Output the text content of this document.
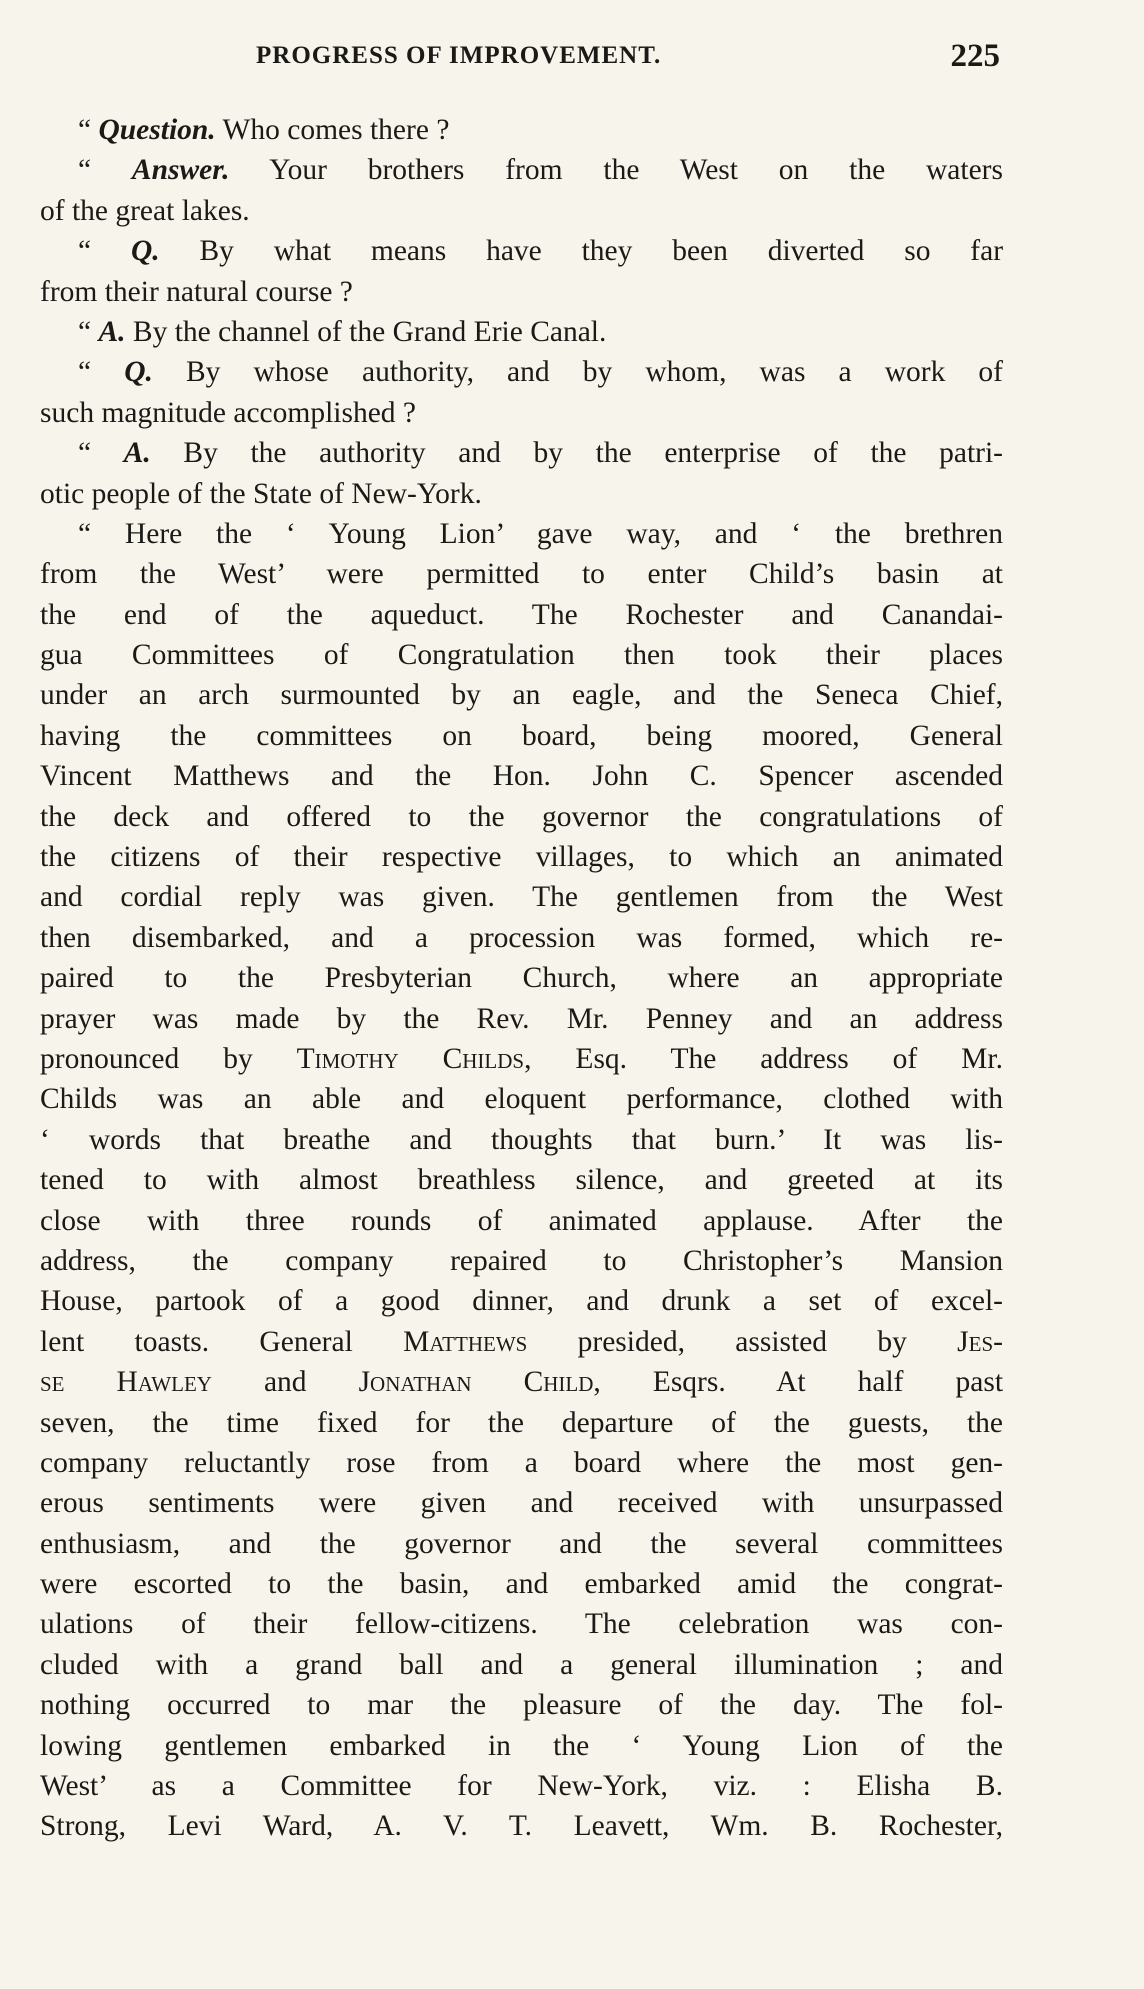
PROGRESS OF IMPROVEMENT.	225
“ Question. Who comes there ?
“ Answer. Your brothers from the West on the waters
of the great lakes.
“ Q. By what means have they been diverted so far
from their natural course ?
“ A. By the channel of the Grand Erie Canal.
“ Q. By whose authority, and by whom, was a work of
such magnitude accomplished ?
“ A. By the authority and by the enterprise of the patri-
otic people of the State of New-York.
“ Here the ‘ Young Lion’ gave way, and ‘ the brethren
from the West’ were permitted to enter Child’s basin at
the end of the aqueduct. The Rochester and Canandai-
gua Committees of Congratulation then took their places
under an arch surmounted by an eagle, and the Seneca Chief,
having the committees on board, being moored, General
Vincent Matthews and the Hon. John C. Spencer ascended
the deck and offered to the governor the congratulations of
the citizens of their respective villages, to which an animated
and cordial reply was given. The gentlemen from the West
then disembarked, and a procession was formed, which re-
paired to the Presbyterian Church, where an appropriate
prayer was made by the Rev. Mr. Penney and an address
pronounced by Timothy Childs, Esq. The address of Mr.
Childs was an able and eloquent performance, clothed with
‘ words that breathe and thoughts that burn.’ It was lis-
tened to with almost breathless silence, and greeted at its
close with three rounds of animated applause. After the
address, the company repaired to Christopher’s Mansion
House, partook of a good dinner, and drunk a set of excel-
lent toasts. General Matthews presided, assisted by Jes-
se Hawley and Jonathan Child, Esqrs. At half past
seven, the time fixed for the departure of the guests, the
company reluctantly rose from a board where the most gen-
erous sentiments were given and received with unsurpassed
enthusiasm, and the governor and the several committees
were escorted to the basin, and embarked amid the congrat-
ulations of their fellow-citizens. The celebration was con-
cluded with a grand ball and a general illumination ; and
nothing occurred to mar the pleasure of the day. The fol-
lowing gentlemen embarked in the ‘ Young Lion of the
West’ as a Committee for New-York, viz. : Elisha B.
Strong, Levi Ward, A. V. T. Leavett, Wm. B. Rochester,
